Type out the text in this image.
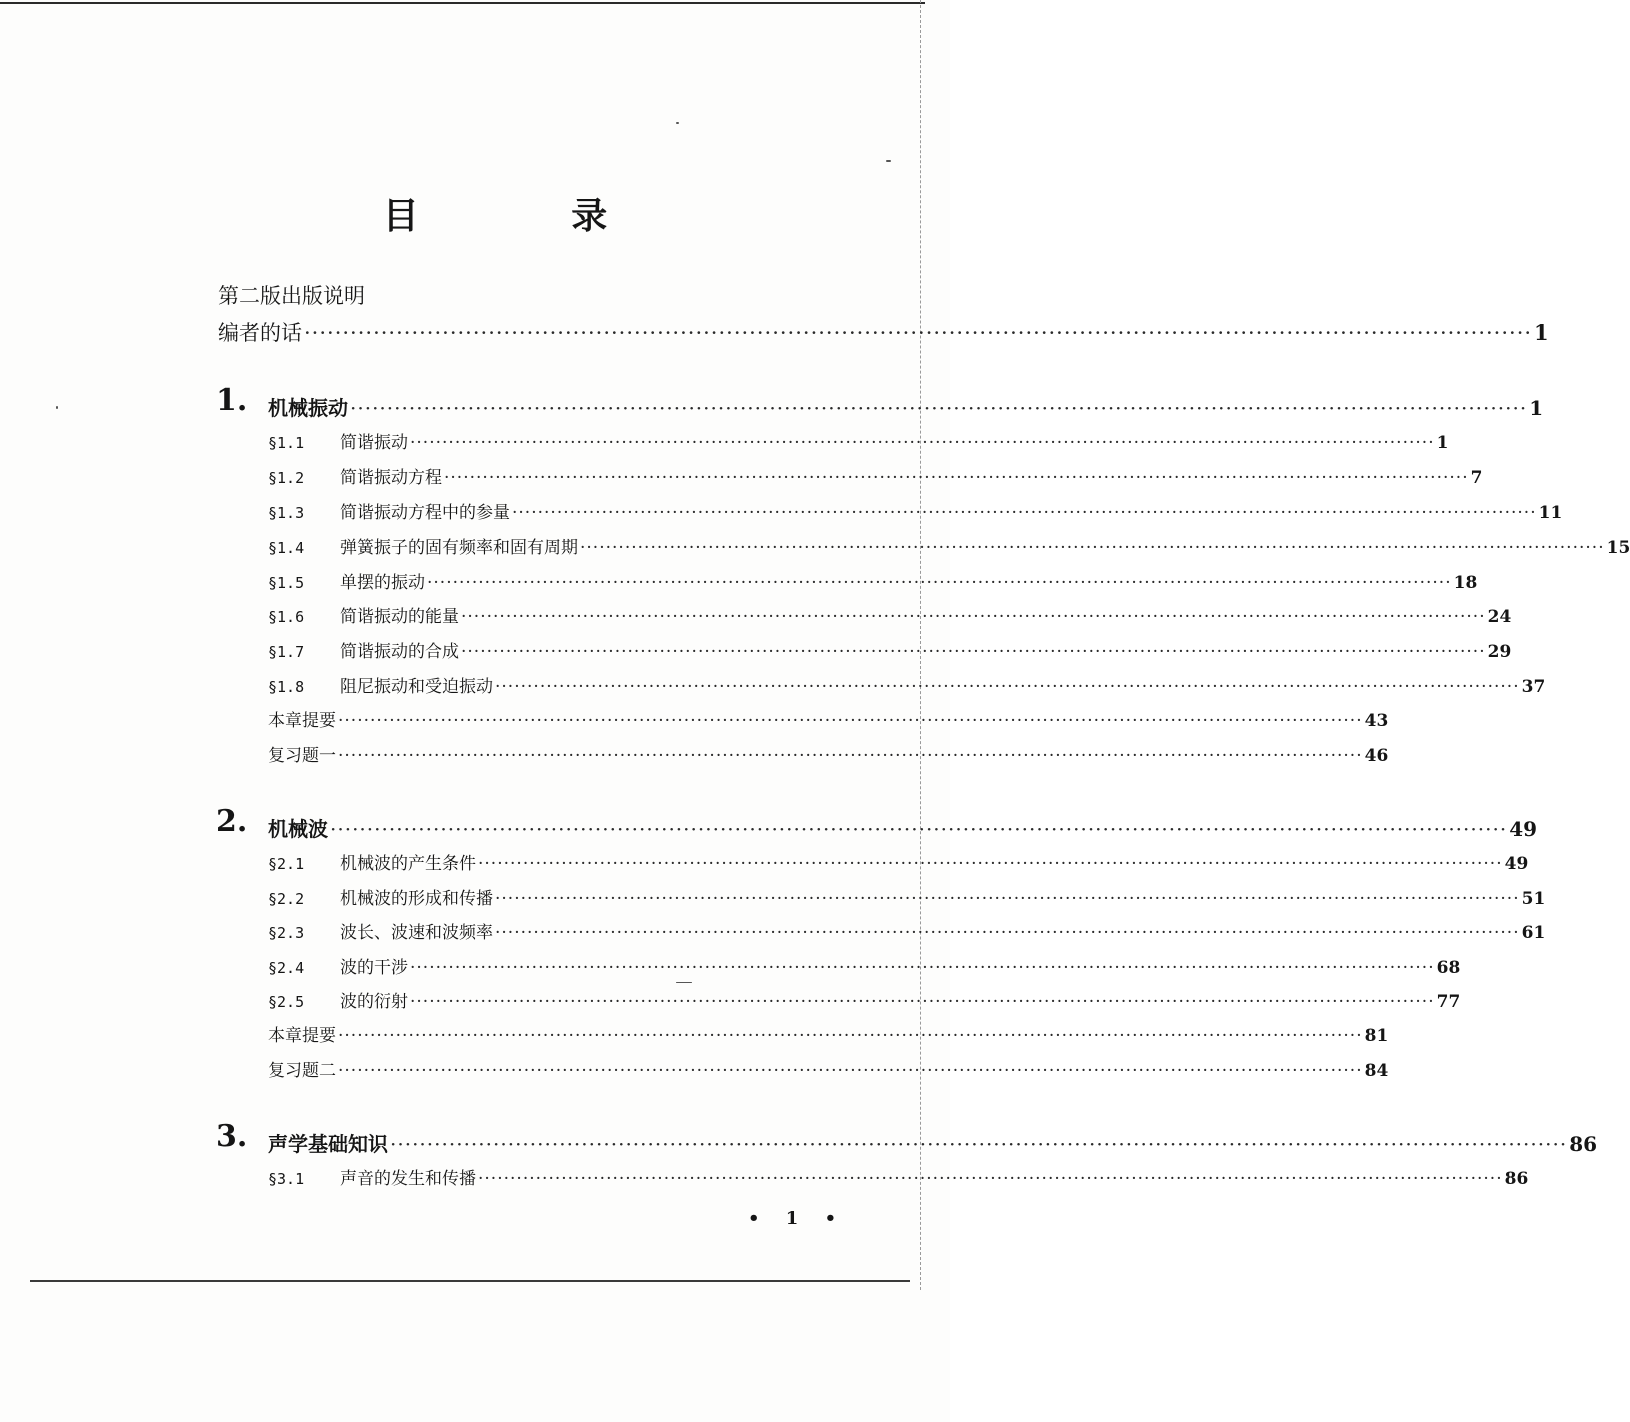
目 录
第二版出版说明
编者的话 ································································································································································ 1
1. 机械振动 ································································································································································ 1
§1.1 简谐振动 ································································································································································ 1
§1.2 简谐振动方程 ································································································································································ 7
§1.3 简谐振动方程中的参量 ································································································································································ 11
§1.4 弹簧振子的固有频率和固有周期 ································································································································································ 15
§1.5 单摆的振动 ································································································································································ 18
§1.6 简谐振动的能量 ································································································································································ 24
§1.7 简谐振动的合成 ································································································································································ 29
§1.8 阻尼振动和受迫振动 ································································································································································ 37
本章提要 ································································································································································ 43
复习题一 ································································································································································ 46
2. 机械波 ································································································································································ 49
§2.1 机械波的产生条件 ································································································································································ 49
§2.2 机械波的形成和传播 ································································································································································ 51
§2.3 波长、波速和波频率 ································································································································································ 61
§2.4 波的干涉 ································································································································································ 68
§2.5 波的衍射 ································································································································································ 77
本章提要 ································································································································································ 81
复习题二 ································································································································································ 84
3. 声学基础知识 ································································································································································ 86
§3.1 声音的发生和传播 ································································································································································ 86
• 1 •
